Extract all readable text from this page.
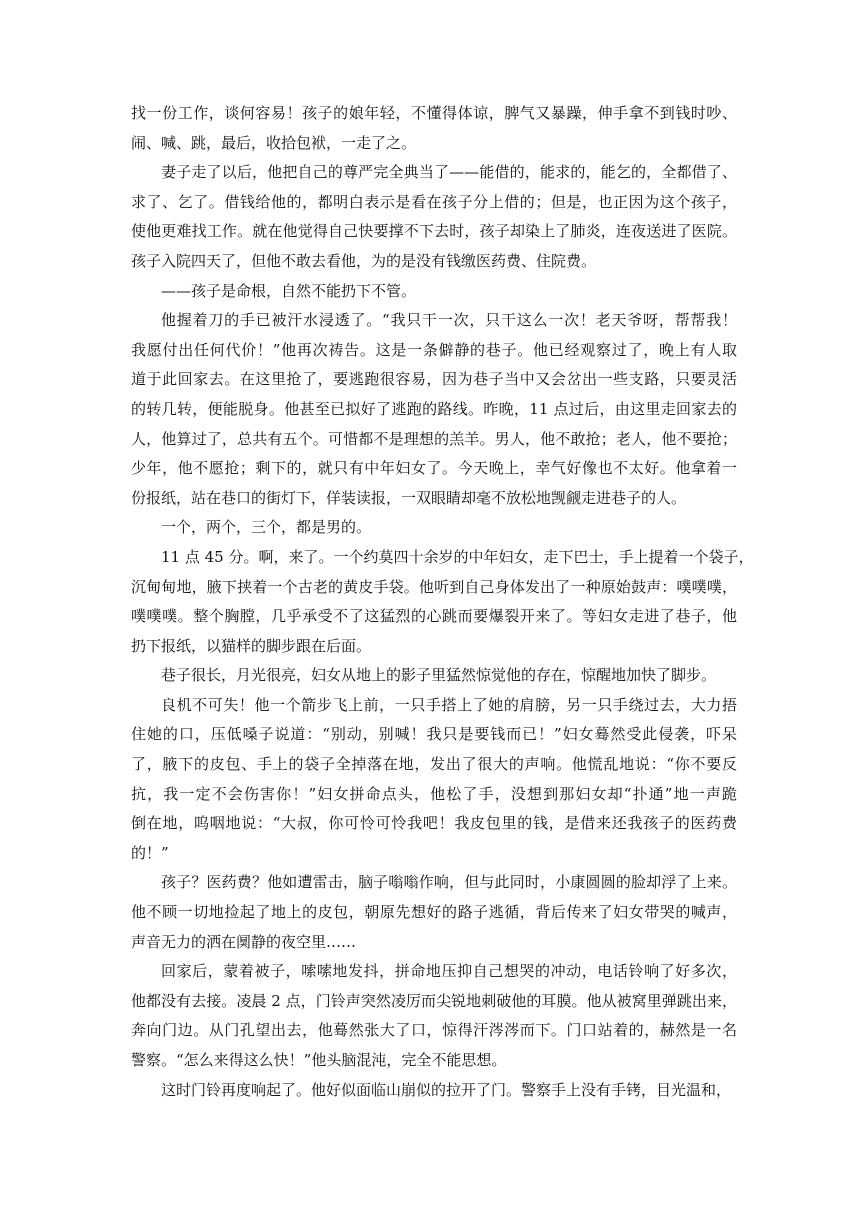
找一份工作，谈何容易！孩子的娘年轻，不懂得体谅，脾气又暴躁，伸手拿不到钱时吵、
闹、喊、跳，最后，收拾包袱，一走了之。

妻子走了以后，他把自己的尊严完全典当了——能借的，能求的，能乞的，全都借了、
求了、乞了。借钱给他的，都明白表示是看在孩子分上借的；但是，也正因为这个孩子，
使他更难找工作。就在他觉得自己快要撑不下去时，孩子却染上了肺炎，连夜送进了医院。
孩子入院四天了，但他不敢去看他，为的是没有钱缴医药费、住院费。

——孩子是命根，自然不能扔下不管。

他握着刀的手已被汗水浸透了。“我只干一次，只干这么一次！老天爷呀，帮帮我！
我愿付出任何代价！”他再次祷告。这是一条僻静的巷子。他已经观察过了，晚上有人取
道于此回家去。在这里抢了，要逃跑很容易，因为巷子当中又会岔出一些支路，只要灵活
的转几转，便能脱身。他甚至已拟好了逃跑的路线。昨晚，11 点过后，由这里走回家去的
人，他算过了，总共有五个。可惜都不是理想的羔羊。男人，他不敢抢；老人，他不要抢；
少年，他不愿抢；剩下的，就只有中年妇女了。今天晚上，幸气好像也不太好。他拿着一
份报纸，站在巷口的街灯下，佯装读报，一双眼睛却毫不放松地觊觎走进巷子的人。

一个，两个，三个，都是男的。

11 点 45 分。啊，来了。一个约莫四十余岁的中年妇女，走下巴士，手上提着一个袋子，
沉甸甸地，腋下挟着一个古老的黄皮手袋。他听到自己身体发出了一种原始鼓声：噗噗噗，
噗噗噗。整个胸膛，几乎承受不了这猛烈的心跳而要爆裂开来了。等妇女走进了巷子，他
扔下报纸，以猫样的脚步跟在后面。

巷子很长，月光很亮，妇女从地上的影子里猛然惊觉他的存在，惊醒地加快了脚步。

良机不可失！他一个箭步飞上前，一只手搭上了她的肩膀，另一只手绕过去，大力捂
住她的口，压低嗓子说道：“别动，别喊！我只是要钱而已！”妇女蓦然受此侵袭，吓呆
了，腋下的皮包、手上的袋子全掉落在地，发出了很大的声响。他慌乱地说：“你不要反
抗，我一定不会伤害你！”妇女拼命点头，他松了手，没想到那妇女却“扑通”地一声跪
倒在地，呜咽地说：“大叔，你可怜可怜我吧！我皮包里的钱，是借来还我孩子的医药费
的！”

孩子？医药费？他如遭雷击，脑子嗡嗡作响，但与此同时，小康圆圆的脸却浮了上来。
他不顾一切地捡起了地上的皮包，朝原先想好的路子逃循，背后传来了妇女带哭的喊声，
声音无力的洒在阒静的夜空里……

回家后，蒙着被子，嗦嗦地发抖，拼命地压抑自己想哭的冲动，电话铃响了好多次，
他都没有去接。凌晨 2 点，门铃声突然凌厉而尖锐地刺破他的耳膜。他从被窝里弹跳出来，
奔向门边。从门孔望出去，他蓦然张大了口，惊得汗涔涔而下。门口站着的，赫然是一名
警察。“怎么来得这么快！”他头脑混沌，完全不能思想。

这时门铃再度响起了。他好似面临山崩似的拉开了门。警察手上没有手铐，目光温和，
